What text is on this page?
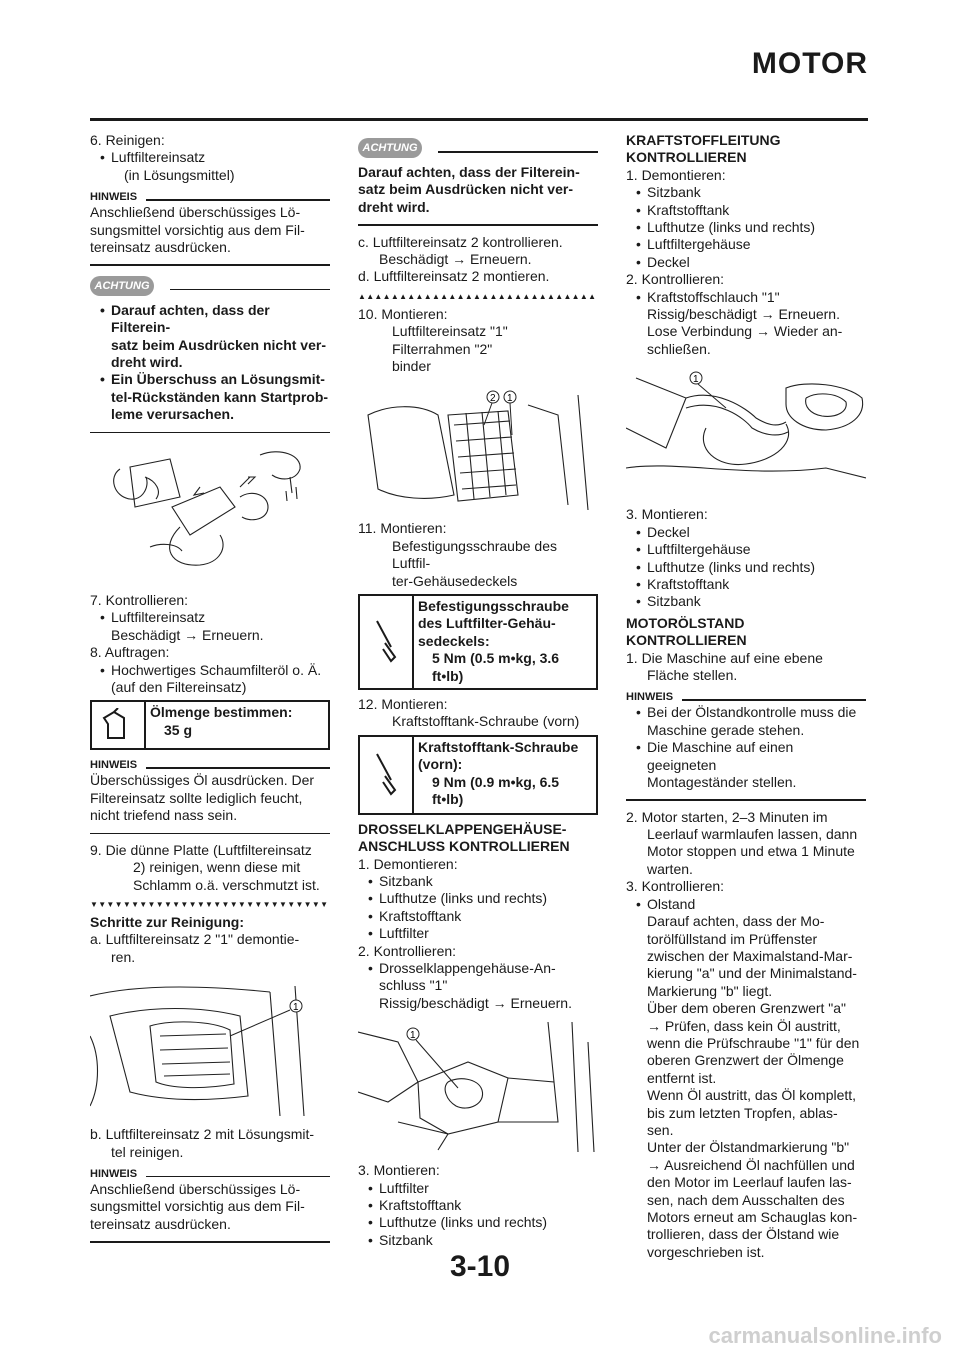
MOTOR

6. Reinigen:

• Luftfiltereinsatz

(in Lösungsmittel)

HINWEIS

Anschließend überschüssiges Lö-

sungsmittel vorsichtig aus dem Fil-

tereinsatz ausdrücken.

ACHTUNG

• Darauf achten, dass der Filterein-

satz beim Ausdrücken nicht ver-

dreht wird.

• Ein Überschuss an Lösungsmit-

tel-Rückständen kann Startprob-

leme verursachen.

7. Kontrollieren:

• Luftfiltereinsatz

Beschädigt → Erneuern.

8. Auftragen:

• Hochwertiges Schaumfilteröl o. Ä.

(auf den Filtereinsatz)

Ölmenge bestimmen:
35 g
HINWEIS

Überschüssiges Öl ausdrücken. Der

Filtereinsatz sollte lediglich feucht,

nicht triefend nass sein.

9. Die dünne Platte (Luftfiltereinsatz

2) reinigen, wenn diese mit

Schlamm o.ä. verschmutzt ist.

▼▼▼▼▼▼▼▼▼▼▼▼▼▼▼▼▼▼▼▼▼▼▼▼▼▼▼▼▼

Schritte zur Reinigung:

a. Luftfiltereinsatz 2 "1" demontie-

ren.

1

b. Luftfiltereinsatz 2 mit Lösungsmit-

tel reinigen.

HINWEIS

Anschließend überschüssiges Lö-

sungsmittel vorsichtig aus dem Fil-

tereinsatz ausdrücken.

ACHTUNG

Darauf achten, dass der Filterein-

satz beim Ausdrücken nicht ver-

dreht wird.

c. Luftfiltereinsatz 2 kontrollieren.

Beschädigt → Erneuern.

d. Luftfiltereinsatz 2 montieren.

▲▲▲▲▲▲▲▲▲▲▲▲▲▲▲▲▲▲▲▲▲▲▲▲▲▲▲▲▲

10. Montieren:

Luftfiltereinsatz "1"

Filterrahmen "2"

binder

2 1

11. Montieren:

Befestigungsschraube des Luftfil-

ter-Gehäusedeckels

Befestigungsschraube
des Luftfilter-Gehäu-
sedeckels:
5 Nm (0.5 m•kg, 3.6
ft•lb)

12. Montieren:

Kraftstofftank-Schraube (vorn)

Kraftstofftank-Schraube
(vorn):
9 Nm (0.9 m•kg, 6.5
ft•lb)

DROSSELKLAPPENGEHÄUSE-

ANSCHLUSS KONTROLLIEREN

1. Demontieren:

• Sitzbank

• Lufthutze (links und rechts)

• Kraftstofftank

• Luftfilter

2. Kontrollieren:

• Drosselklappengehäuse-An-

schluss "1"

Rissig/beschädigt → Erneuern.

1

3. Montieren:

• Luftfilter

• Kraftstofftank

• Lufthutze (links und rechts)

• Sitzbank

KRAFTSTOFFLEITUNG

KONTROLLIEREN

1. Demontieren:

• Sitzbank

• Kraftstofftank

• Lufthutze (links und rechts)

• Luftfiltergehäuse

• Deckel

2. Kontrollieren:

• Kraftstoffschlauch "1"

Rissig/beschädigt → Erneuern.

Lose Verbindung → Wieder an-

schließen.

1

3. Montieren:

• Deckel

• Luftfiltergehäuse

• Lufthutze (links und rechts)

• Kraftstofftank

• Sitzbank

MOTORÖLSTAND

KONTROLLIEREN

1. Die Maschine auf eine ebene

Fläche stellen.

HINWEIS

• Bei der Ölstandkontrolle muss die

Maschine gerade stehen.

• Die Maschine auf einen geeigneten

Montageständer stellen.

2. Motor starten, 2–3 Minuten im

Leerlauf warmlaufen lassen, dann

Motor stoppen und etwa 1 Minute

warten.

3. Kontrollieren:

• Olstand

Darauf achten, dass der Mo-

torölfüllstand im Prüffenster

zwischen der Maximalstand-Mar-

kierung "a" und der Minimalstand-

Markierung "b" liegt.

Über dem oberen Grenzwert "a"

→ Prüfen, dass kein Öl austritt,

wenn die Prüfschraube "1" für den

oberen Grenzwert der Ölmenge

entfernt ist.

Wenn Öl austritt, das Öl komplett,

bis zum letzten Tropfen, ablas-

sen.

Unter der Ölstandmarkierung "b"

→ Ausreichend Öl nachfüllen und

den Motor im Leerlauf laufen las-

sen, nach dem Ausschalten des

Motors erneut am Schauglas kon-

trollieren, dass der Ölstand wie

vorgeschrieben ist.

3-10
carmanualsonline.info
